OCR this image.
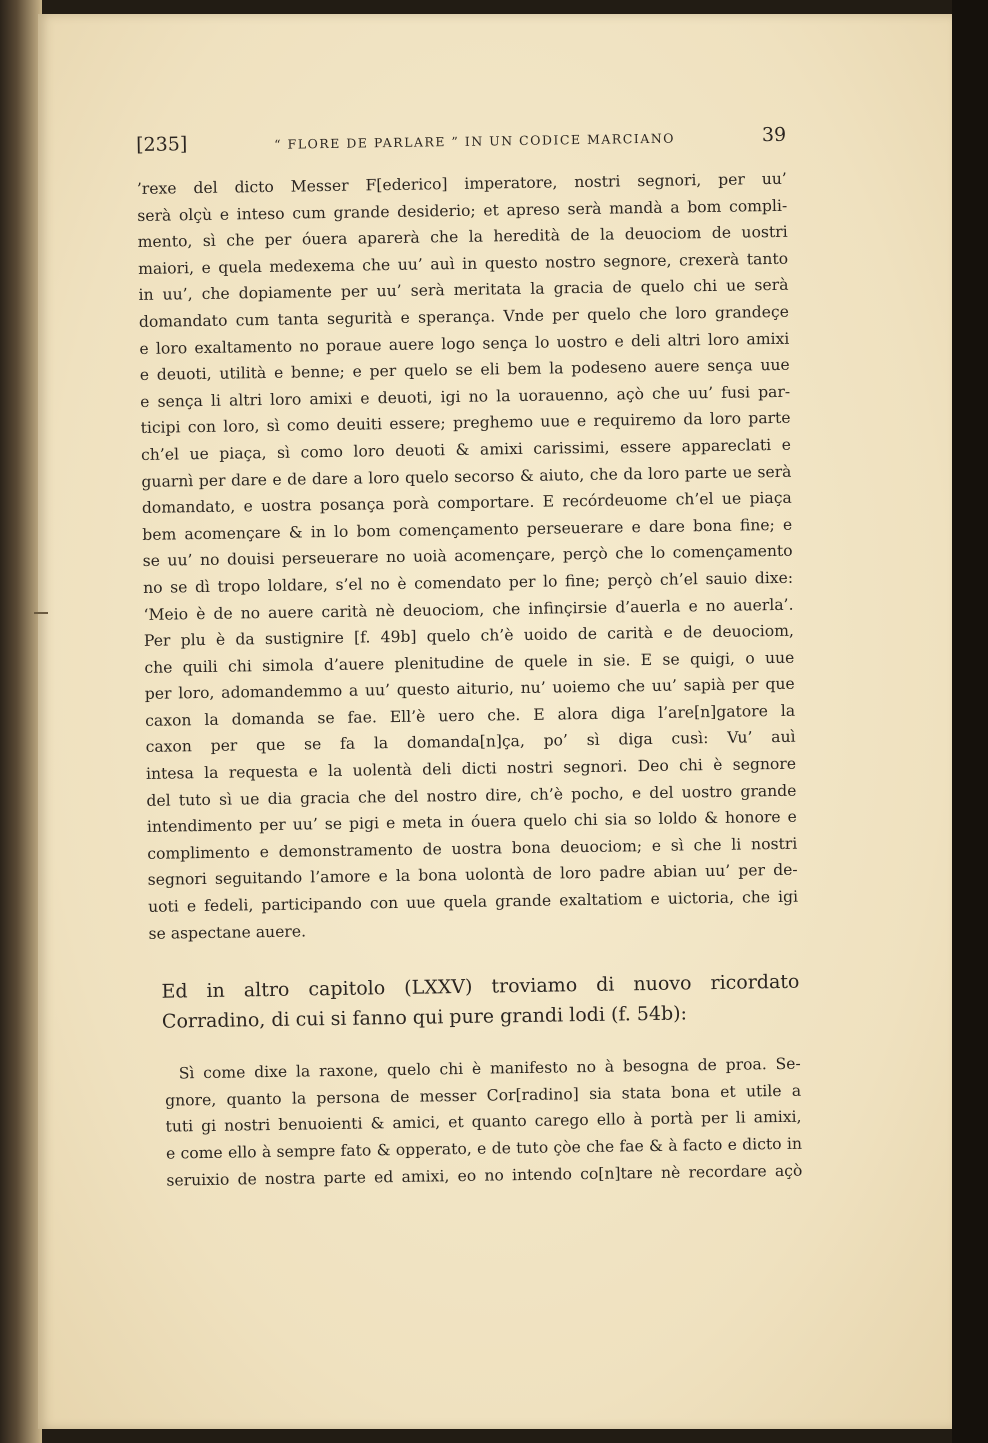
[235]	“ FLORE DE PARLARE ” IN UN CODICE MARCIANO	39
’rexe del dicto Messer F[ederico] imperatore, nostri segnori, per uu’
serà olçù e inteso cum grande desiderio; et apreso serà mandà a bom compli-
mento, sì che per óuera aparerà che la heredità de la deuociom de uostri
maiori, e quela medexema che uu’ auì in questo nostro segnore, crexerà tanto
in uu’, che dopiamente per uu’ serà meritata la gracia de quelo chi ue serà
domandato cum tanta segurità e sperança. Vnde per quelo che loro grandeçe
e loro exaltamento no poraue auere logo sença lo uostro e deli altri loro amixi
e deuoti, utilità e benne; e per quelo se eli bem la podeseno auere sença uue
e sença li altri loro amixi e deuoti, igi no la uorauenno, açò che uu’ fusi par-
ticipi con loro, sì como deuiti essere; preghemo uue e requiremo da loro parte
ch’el ue piaça, sì como loro deuoti & amixi carissimi, essere appareclati e
guarnì per dare e de dare a loro quelo secorso & aiuto, che da loro parte ue serà
domandato, e uostra posança porà comportare. E recórdeuome ch’el ue piaça
bem acomençare & in lo bom començamento perseuerare e dare bona fine; e
se uu’ no douisi perseuerare no uoià acomençare, perçò che lo començamento
no se dì tropo loldare, s’el no è comendato per lo fine; perçò ch’el sauio dixe:
‘Meio è de no auere carità nè deuociom, che infinçirsie d’auerla e no auerla’.
Per plu è da sustignire [f. 49b] quelo ch’è uoido de carità e de deuociom,
che quili chi simola d’auere plenitudine de quele in sie. E se quigi, o uue
per loro, adomandemmo a uu’ questo aiturio, nu’ uoiemo che uu’ sapià per que
caxon la domanda se fae. Ell’è uero che. E alora diga l’are[n]gatore la
caxon per que se fa la domanda[n]ça, po’ sì diga cusì: Vu’ auì
intesa la requesta e la uolentà deli dicti nostri segnori. Deo chi è segnore
del tuto sì ue dia gracia che del nostro dire, ch’è pocho, e del uostro grande
intendimento per uu’ se pigi e meta in óuera quelo chi sia so loldo & honore e
complimento e demonstramento de uostra bona deuociom; e sì che li nostri
segnori seguitando l’amore e la bona uolontà de loro padre abian uu’ per de-
uoti e fedeli, participando con uue quela grande exaltatiom e uictoria, che igi
se aspectane auere.
Ed in altro capitolo (LXXV) troviamo di nuovo ricordato
Corradino, di cui si fanno qui pure grandi lodi (f. 54b):
Sì come dixe la raxone, quelo chi è manifesto no à besogna de proa. Se-
gnore, quanto la persona de messer Cor[radino] sia stata bona et utile a
tuti gi nostri benuoienti & amici, et quanto carego ello à portà per li amixi,
e come ello à sempre fato & opperato, e de tuto çòe che fae & à facto e dicto in
seruixio de nostra parte ed amixi, eo no intendo co[n]tare nè recordare açò
